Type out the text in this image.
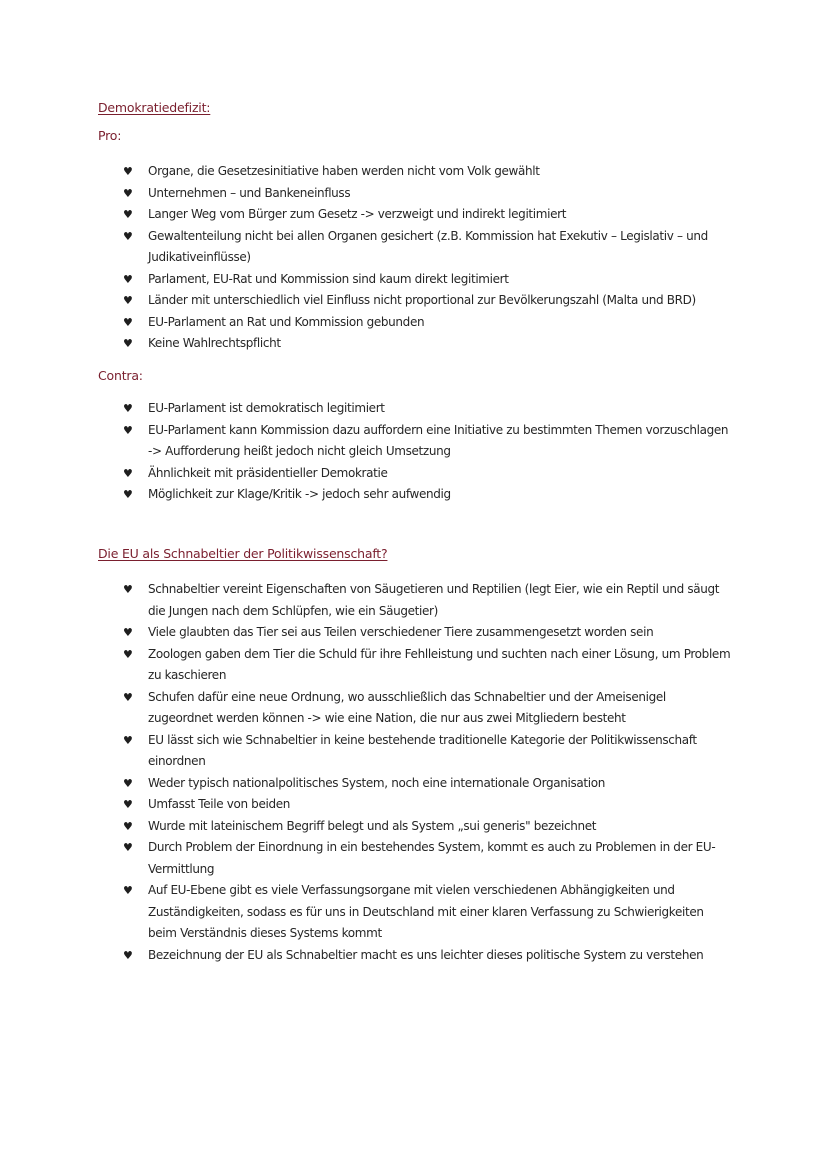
Demokratiedefizit:
Pro:
♥ Organe, die Gesetzesinitiative haben werden nicht vom Volk gewählt
♥ Unternehmen – und Bankeneinfluss
♥ Langer Weg vom Bürger zum Gesetz -> verzweigt und indirekt legitimiert
♥ Gewaltenteilung nicht bei allen Organen gesichert (z.B. Kommission hat Exekutiv – Legislativ – und Judikativeinflüsse)
♥ Parlament, EU-Rat und Kommission sind kaum direkt legitimiert
♥ Länder mit unterschiedlich viel Einfluss nicht proportional zur Bevölkerungszahl (Malta und BRD)
♥ EU-Parlament an Rat und Kommission gebunden
♥ Keine Wahlrechtspflicht
Contra:
♥ EU-Parlament ist demokratisch legitimiert
♥ EU-Parlament kann Kommission dazu auffordern eine Initiative zu bestimmten Themen vorzuschlagen -> Aufforderung heißt jedoch nicht gleich Umsetzung
♥ Ähnlichkeit mit präsidentieller Demokratie
♥ Möglichkeit zur Klage/Kritik -> jedoch sehr aufwendig
Die EU als Schnabeltier der Politikwissenschaft?
♥ Schnabeltier vereint Eigenschaften von Säugetieren und Reptilien (legt Eier, wie ein Reptil und säugt die Jungen nach dem Schlüpfen, wie ein Säugetier)
♥ Viele glaubten das Tier sei aus Teilen verschiedener Tiere zusammengesetzt worden sein
♥ Zoologen gaben dem Tier die Schuld für ihre Fehlleistung und suchten nach einer Lösung, um Problem zu kaschieren
♥ Schufen dafür eine neue Ordnung, wo ausschließlich das Schnabeltier und der Ameisenigel zugeordnet werden können -> wie eine Nation, die nur aus zwei Mitgliedern besteht
♥ EU lässt sich wie Schnabeltier in keine bestehende traditionelle Kategorie der Politikwissenschaft einordnen
♥ Weder typisch nationalpolitisches System, noch eine internationale Organisation
♥ Umfasst Teile von beiden
♥ Wurde mit lateinischem Begriff belegt und als System „sui generis" bezeichnet
♥ Durch Problem der Einordnung in ein bestehendes System, kommt es auch zu Problemen in der EU-Vermittlung
♥ Auf EU-Ebene gibt es viele Verfassungsorgane mit vielen verschiedenen Abhängigkeiten und Zuständigkeiten, sodass es für uns in Deutschland mit einer klaren Verfassung zu Schwierigkeiten beim Verständnis dieses Systems kommt
♥ Bezeichnung der EU als Schnabeltier macht es uns leichter dieses politische System zu verstehen
